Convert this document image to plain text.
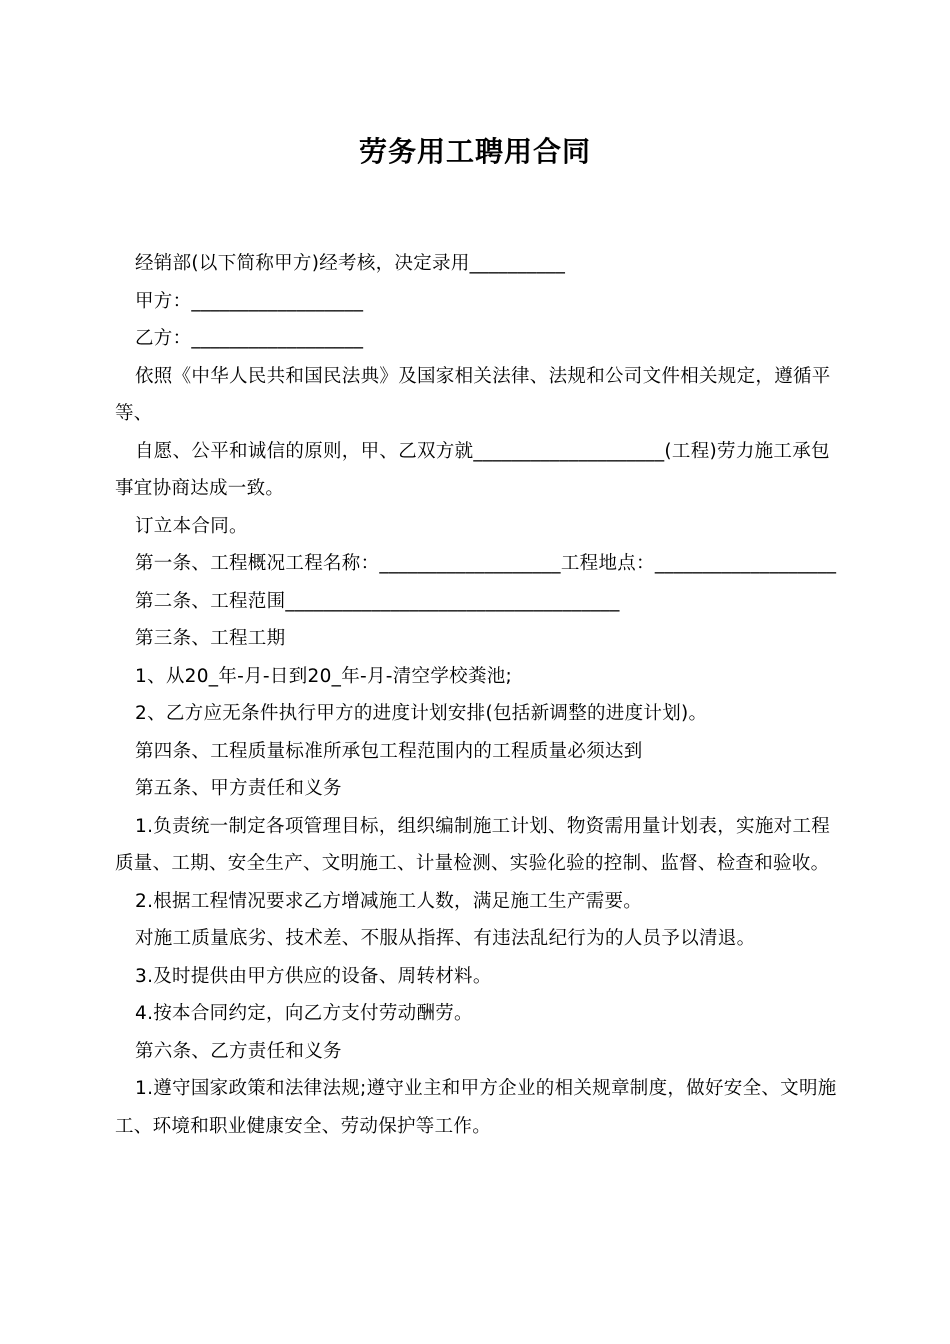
劳务用工聘用合同

经销部(以下简称甲方)经考核，决定录用__________

甲方：__________________

乙方：__________________

依照《中华人民共和国民法典》及国家相关法律、法规和公司文件相关规定，遵循平等、

自愿、公平和诚信的原则，甲、乙双方就____________________(工程)劳力施工承包事宜协商达成一致。

订立本合同。

第一条、工程概况工程名称：___________________工程地点：___________________

第二条、工程范围___________________________________

第三条、工程工期

1、从20_年-月-日到20_年-月-清空学校粪池;

2、乙方应无条件执行甲方的进度计划安排(包括新调整的进度计划)。

第四条、工程质量标准所承包工程范围内的工程质量必须达到

第五条、甲方责任和义务

1.负责统一制定各项管理目标，组织编制施工计划、物资需用量计划表，实施对工程质量、工期、安全生产、文明施工、计量检测、实验化验的控制、监督、检查和验收。

2.根据工程情况要求乙方增减施工人数，满足施工生产需要。

对施工质量底劣、技术差、不服从指挥、有违法乱纪行为的人员予以清退。

3.及时提供由甲方供应的设备、周转材料。

4.按本合同约定，向乙方支付劳动酬劳。

第六条、乙方责任和义务

1.遵守国家政策和法律法规;遵守业主和甲方企业的相关规章制度，做好安全、文明施工、环境和职业健康安全、劳动保护等工作。
